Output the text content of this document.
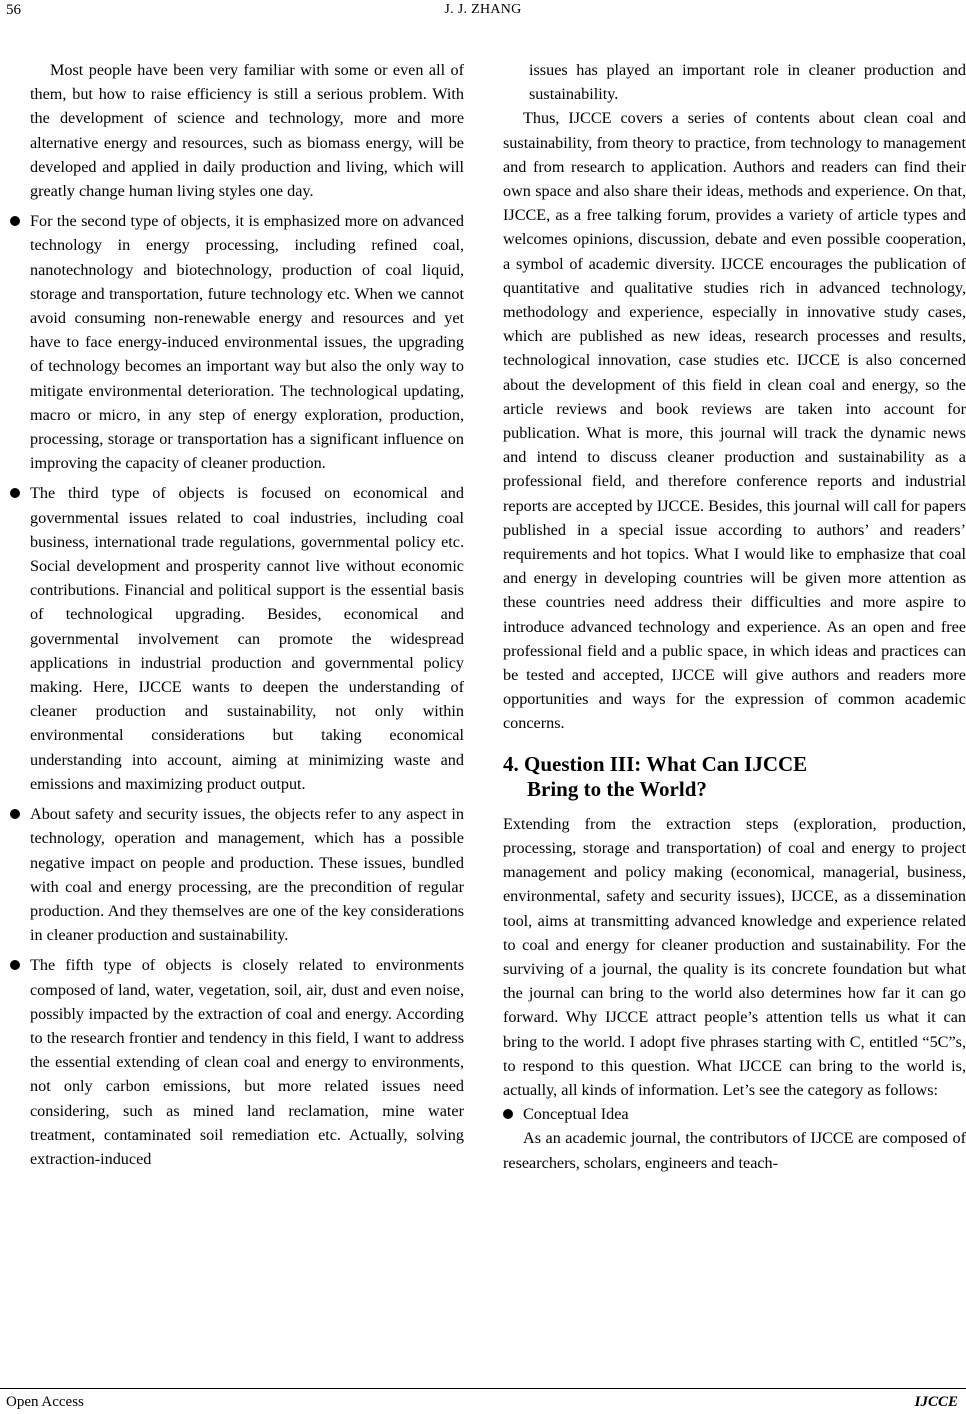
56	J. J. ZHANG

Most people have been very familiar with some or even all of them, but how to raise efficiency is still a serious problem. With the development of science and technology, more and more alternative energy and resources, such as biomass energy, will be developed and applied in daily production and living, which will greatly change human living styles one day.

For the second type of objects, it is emphasized more on advanced technology in energy processing, including refined coal, nanotechnology and biotechnology, production of coal liquid, storage and transportation, future technology etc. When we cannot avoid consuming non-renewable energy and resources and yet have to face energy-induced environmental issues, the upgrading of technology becomes an important way but also the only way to mitigate environmental deterioration. The technological updating, macro or micro, in any step of energy exploration, production, processing, storage or transportation has a significant influence on improving the capacity of cleaner production.
The third type of objects is focused on economical and governmental issues related to coal industries, including coal business, international trade regulations, governmental policy etc. Social development and prosperity cannot live without economic contributions. Financial and political support is the essential basis of technological upgrading. Besides, economical and governmental involvement can promote the widespread applications in industrial production and governmental policy making. Here, IJCCE wants to deepen the understanding of cleaner production and sustainability, not only within environmental considerations but taking economical understanding into account, aiming at minimizing waste and emissions and maximizing product output.
About safety and security issues, the objects refer to any aspect in technology, operation and management, which has a possible negative impact on people and production. These issues, bundled with coal and energy processing, are the precondition of regular production. And they themselves are one of the key considerations in cleaner production and sustainability.
The fifth type of objects is closely related to environments composed of land, water, vegetation, soil, air, dust and even noise, possibly impacted by the extraction of coal and energy. According to the research frontier and tendency in this field, I want to address the essential extending of clean coal and energy to environments, not only carbon emissions, but more related issues need considering, such as mined land reclamation, mine water treatment, contaminated soil remediation etc. Actually, solving extraction-induced

issues has played an important role in cleaner production and sustainability.

Thus, IJCCE covers a series of contents about clean coal and sustainability, from theory to practice, from technology to management and from research to application. Authors and readers can find their own space and also share their ideas, methods and experience. On that, IJCCE, as a free talking forum, provides a variety of article types and welcomes opinions, discussion, debate and even possible cooperation, a symbol of academic diversity. IJCCE encourages the publication of quantitative and qualitative studies rich in advanced technology, methodology and experience, especially in innovative study cases, which are published as new ideas, research processes and results, technological innovation, case studies etc. IJCCE is also concerned about the development of this field in clean coal and energy, so the article reviews and book reviews are taken into account for publication. What is more, this journal will track the dynamic news and intend to discuss cleaner production and sustainability as a professional field, and therefore conference reports and industrial reports are accepted by IJCCE. Besides, this journal will call for papers published in a special issue according to authors’ and readers’ requirements and hot topics. What I would like to emphasize that coal and energy in developing countries will be given more attention as these countries need address their difficulties and more aspire to introduce advanced technology and experience. As an open and free professional field and a public space, in which ideas and practices can be tested and accepted, IJCCE will give authors and readers more opportunities and ways for the expression of common academic concerns.

4. Question III: What Can IJCCE
Bring to the World?

Extending from the extraction steps (exploration, production, processing, storage and transportation) of coal and energy to project management and policy making (economical, managerial, business, environmental, safety and security issues), IJCCE, as a dissemination tool, aims at transmitting advanced knowledge and experience related to coal and energy for cleaner production and sustainability. For the surviving of a journal, the quality is its concrete foundation but what the journal can bring to the world also determines how far it can go forward. Why IJCCE attract people’s attention tells us what it can bring to the world. I adopt five phrases starting with C, entitled “5C”s, to respond to this question. What IJCCE can bring to the world is, actually, all kinds of information. Let’s see the category as follows:

Conceptual Idea

As an academic journal, the contributors of IJCCE are composed of researchers, scholars, engineers and teach-

Open Access	IJCCE
